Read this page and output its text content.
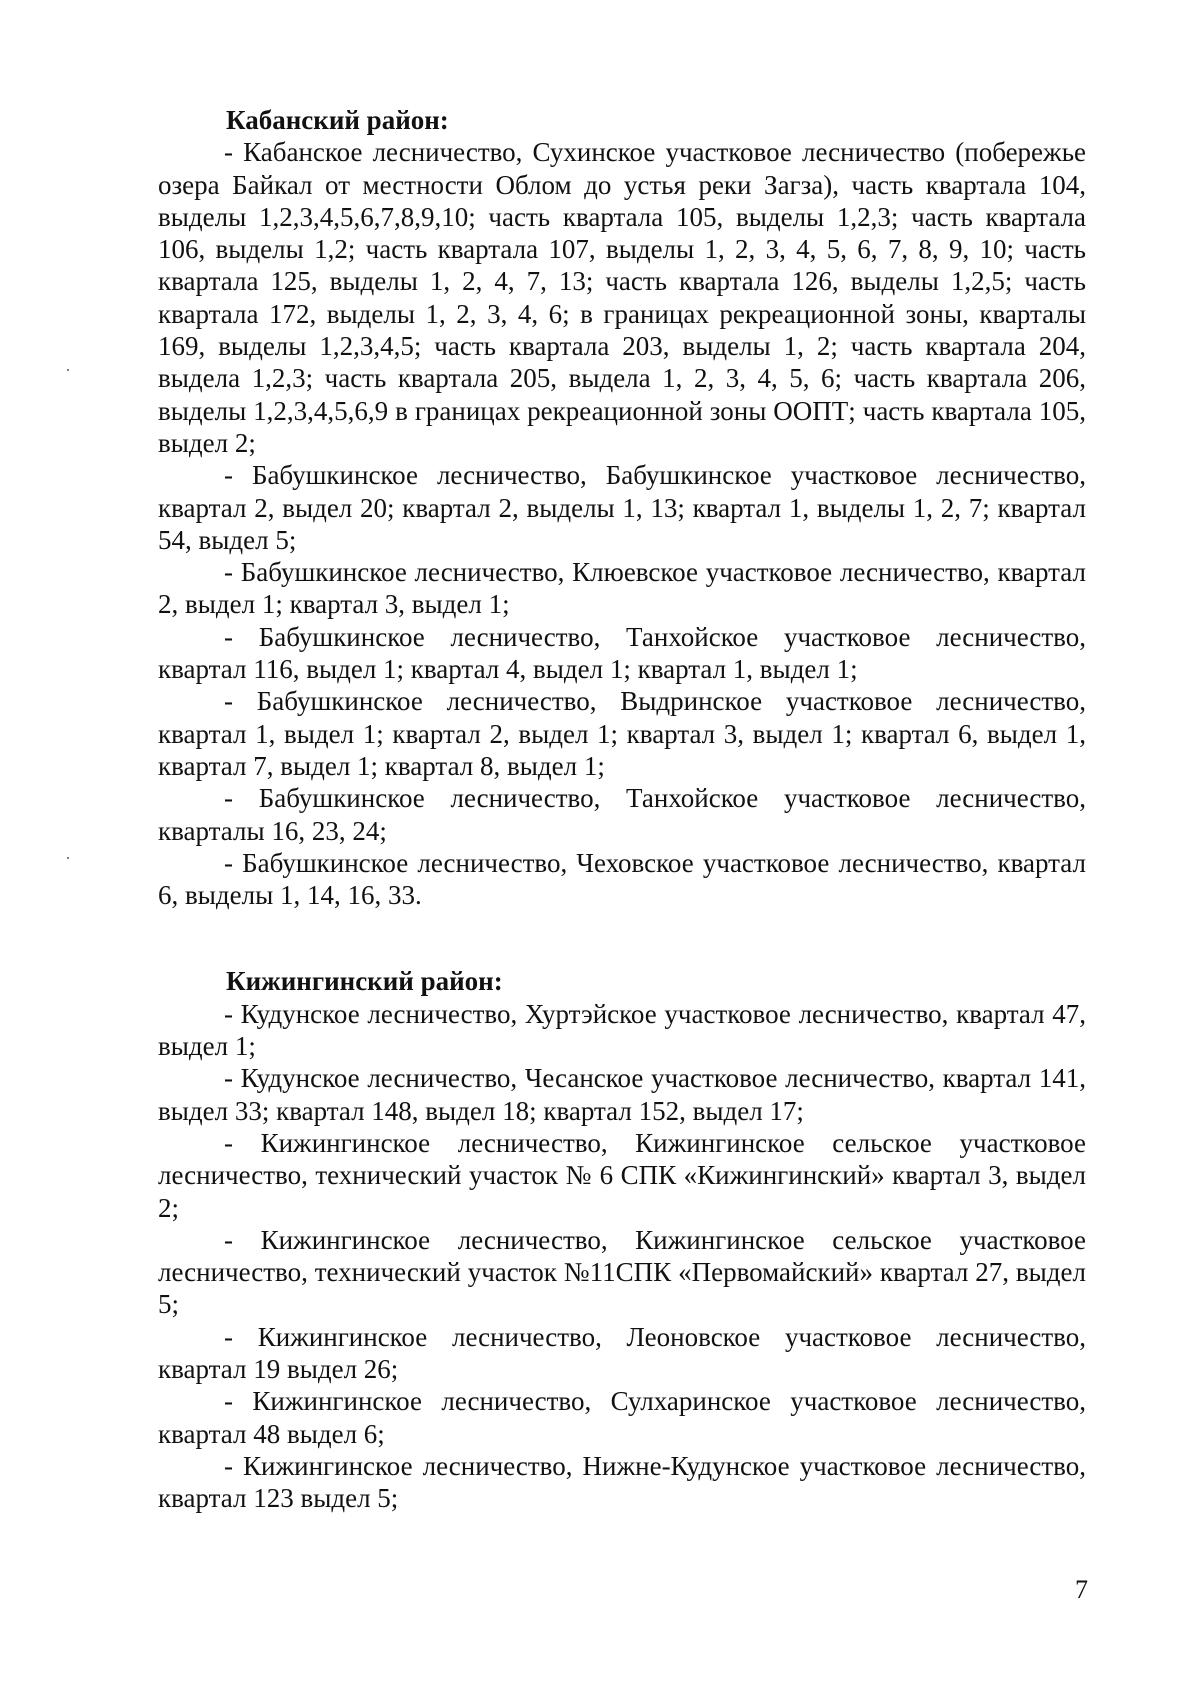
Кабанский район:

- Кабанское лесничество, Сухинское участковое лесничество (побережье озера Байкал от местности Облом до устья реки Загза), часть квартала 104, выделы 1,2,3,4,5,6,7,8,9,10; часть квартала 105, выделы 1,2,3; часть квартала 106, выделы 1,2; часть квартала 107, выделы 1, 2, 3, 4, 5, 6, 7, 8, 9, 10; часть квартала 125, выделы 1, 2, 4, 7, 13; часть квартала 126, выделы 1,2,5; часть квартала 172, выделы 1, 2, 3, 4, 6; в границах рекреационной зоны, кварталы 169, выделы 1,2,3,4,5; часть квартала 203, выделы 1, 2; часть квартала 204, выдела 1,2,3; часть квартала 205, выдела 1, 2, 3, 4, 5, 6; часть квартала 206, выделы 1,2,3,4,5,6,9 в границах рекреационной зоны ООПТ; часть квартала 105, выдел 2;

- Бабушкинское лесничество, Бабушкинское участковое лесничество, квартал 2, выдел 20; квартал 2, выделы 1, 13; квартал 1, выделы 1, 2, 7; квартал 54, выдел 5;

- Бабушкинское лесничество, Клюевское участковое лесничество, квартал 2, выдел 1; квартал 3, выдел 1;

- Бабушкинское лесничество, Танхойское участковое лесничество, квартал 116, выдел 1; квартал 4, выдел 1; квартал 1, выдел 1;

- Бабушкинское лесничество, Выдринское участковое лесничество, квартал 1, выдел 1; квартал 2, выдел 1; квартал 3, выдел 1; квартал 6, выдел 1, квартал 7, выдел 1; квартал 8, выдел 1;

- Бабушкинское лесничество, Танхойское участковое лесничество, кварталы 16, 23, 24;

- Бабушкинское лесничество, Чеховское участковое лесничество, квартал 6, выделы 1, 14, 16, 33.

Кижингинский район:

- Кудунское лесничество, Хуртэйское участковое лесничество, квартал 47, выдел 1;

- Кудунское лесничество, Чесанское участковое лесничество, квартал 141, выдел 33; квартал 148, выдел 18; квартал 152, выдел 17;

- Кижингинское лесничество, Кижингинское сельское участковое лесничество, технический участок № 6 СПК «Кижингинский» квартал 3, выдел 2;

- Кижингинское лесничество, Кижингинское сельское участковое лесничество, технический участок №11СПК «Первомайский» квартал 27, выдел 5;

- Кижингинское лесничество, Леоновское участковое лесничество, квартал 19 выдел 26;

- Кижингинское лесничество, Сулхаринское участковое лесничество, квартал 48 выдел 6;

- Кижингинское лесничество, Нижне-Кудунское участковое лесничество, квартал 123 выдел 5;

7
